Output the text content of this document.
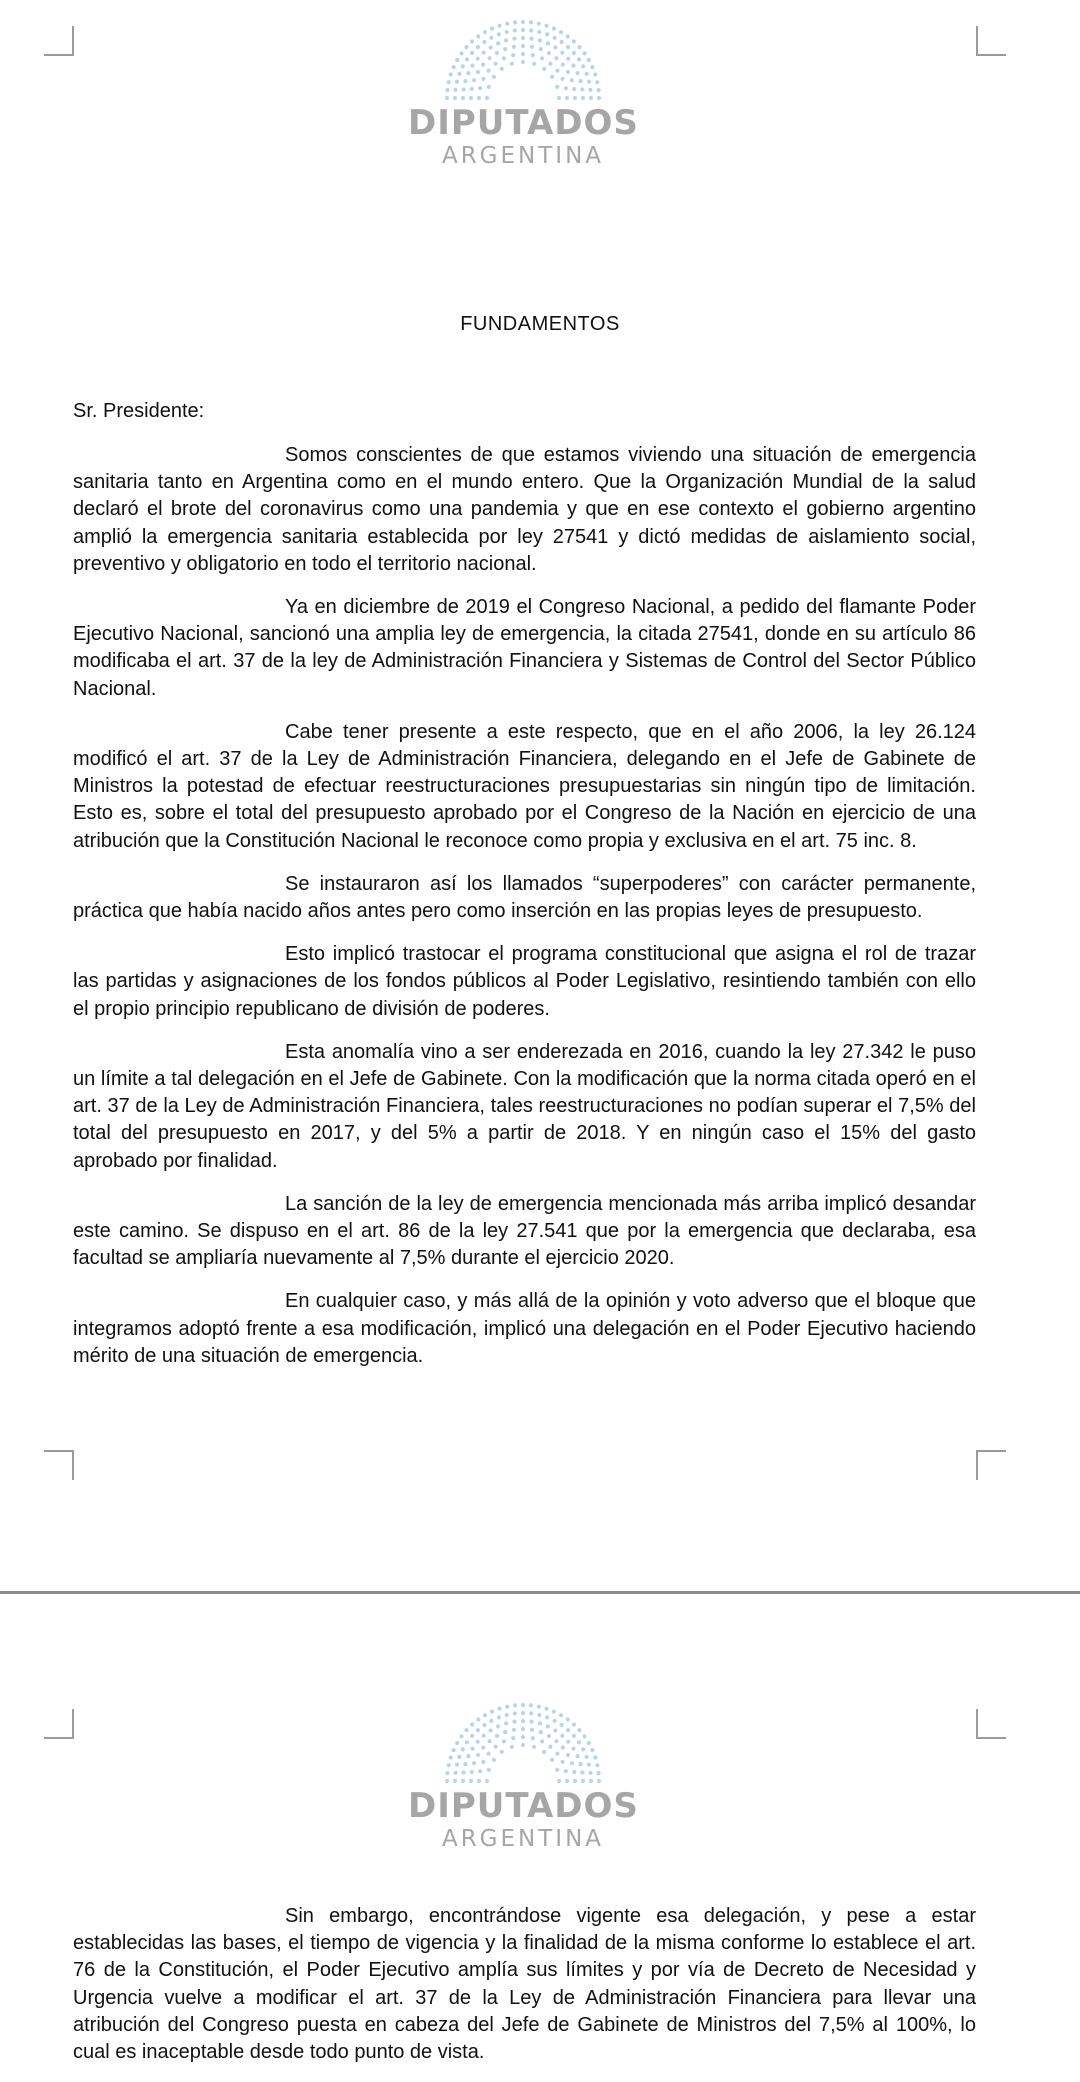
DIPUTADOS
ARGENTINA
FUNDAMENTOS
Sr. Presidente:

Somos conscientes de que estamos viviendo una situación de emergencia sanitaria tanto en Argentina como en el mundo entero. Que la Organización Mundial de la salud declaró el brote del coronavirus como una pandemia y que en ese contexto el gobierno argentino amplió la emergencia sanitaria establecida por ley 27541 y dictó medidas de aislamiento social, preventivo y obligatorio en todo el territorio nacional.

Ya en diciembre de 2019 el Congreso Nacional, a pedido del flamante Poder Ejecutivo Nacional, sancionó una amplia ley de emergencia, la citada 27541, donde en su artículo 86 modificaba el art. 37 de la ley de Administración Financiera y Sistemas de Control del Sector Público Nacional.

Cabe tener presente a este respecto, que en el año 2006, la ley 26.124 modificó el art. 37 de la Ley de Administración Financiera, delegando en el Jefe de Gabinete de Ministros la potestad de efectuar reestructuraciones presupuestarias sin ningún tipo de limitación. Esto es, sobre el total del presupuesto aprobado por el Congreso de la Nación en ejercicio de una atribución que la Constitución Nacional le reconoce como propia y exclusiva en el art. 75 inc. 8.

Se instauraron así los llamados “superpoderes” con carácter permanente, práctica que había nacido años antes pero como inserción en las propias leyes de presupuesto.

Esto implicó trastocar el programa constitucional que asigna el rol de trazar las partidas y asignaciones de los fondos públicos al Poder Legislativo, resintiendo también con ello el propio principio republicano de división de poderes.

Esta anomalía vino a ser enderezada en 2016, cuando la ley 27.342 le puso un límite a tal delegación en el Jefe de Gabinete. Con la modificación que la norma citada operó en el art. 37 de la Ley de Administración Financiera, tales reestructuraciones no podían superar el 7,5% del total del presupuesto en 2017, y del 5% a partir de 2018. Y en ningún caso el 15% del gasto aprobado por finalidad.

La sanción de la ley de emergencia mencionada más arriba implicó desandar este camino. Se dispuso en el art. 86 de la ley 27.541 que por la emergencia que declaraba, esa facultad se ampliaría nuevamente al 7,5% durante el ejercicio 2020.

En cualquier caso, y más allá de la opinión y voto adverso que el bloque que integramos adoptó frente a esa modificación, implicó una delegación en el Poder Ejecutivo haciendo mérito de una situación de emergencia.

DIPUTADOS
ARGENTINA

Sin embargo, encontrándose vigente esa delegación, y pese a estar establecidas las bases, el tiempo de vigencia y la finalidad de la misma conforme lo establece el art. 76 de la Constitución, el Poder Ejecutivo amplía sus límites y por vía de Decreto de Necesidad y Urgencia vuelve a modificar el art. 37 de la Ley de Administración Financiera para llevar una atribución del Congreso puesta en cabeza del Jefe de Gabinete de Ministros del 7,5% al 100%, lo cual es inaceptable desde todo punto de vista.
